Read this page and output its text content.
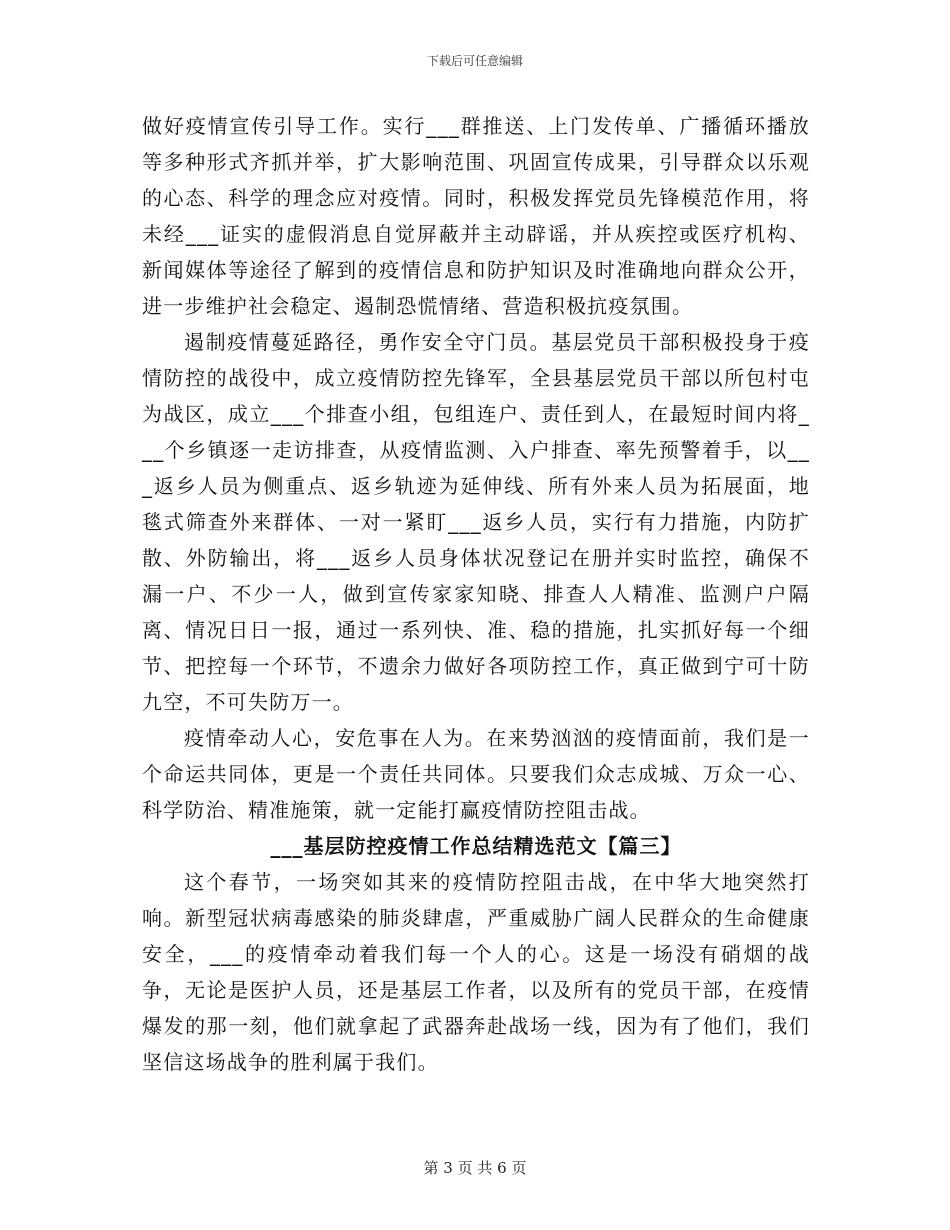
下载后可任意编辑

做好疫情宣传引导工作。实行___群推送、上门发传单、广播循环播放等多种形式齐抓并举，扩大影响范围、巩固宣传成果，引导群众以乐观的心态、科学的理念应对疫情。同时，积极发挥党员先锋模范作用，将未经___证实的虚假消息自觉屏蔽并主动辟谣，并从疾控或医疗机构、新闻媒体等途径了解到的疫情信息和防护知识及时准确地向群众公开，进一步维护社会稳定、遏制恐慌情绪、营造积极抗疫氛围。

遏制疫情蔓延路径，勇作安全守门员。基层党员干部积极投身于疫情防控的战役中，成立疫情防控先锋军，全县基层党员干部以所包村屯为战区，成立___个排查小组，包组连户、责任到人，在最短时间内将___个乡镇逐一走访排查，从疫情监测、入户排查、率先预警着手，以___返乡人员为侧重点、返乡轨迹为延伸线、所有外来人员为拓展面，地毯式筛查外来群体、一对一紧盯___返乡人员，实行有力措施，内防扩散、外防输出，将___返乡人员身体状况登记在册并实时监控，确保不漏一户、不少一人，做到宣传家家知晓、排查人人精准、监测户户隔离、情况日日一报，通过一系列快、准、稳的措施，扎实抓好每一个细节、把控每一个环节，不遗余力做好各项防控工作，真正做到宁可十防九空，不可失防万一。

疫情牵动人心，安危事在人为。在来势汹汹的疫情面前，我们是一个命运共同体，更是一个责任共同体。只要我们众志成城、万众一心、科学防治、精准施策，就一定能打赢疫情防控阻击战。

___基层防控疫情工作总结精选范文【篇三】

这个春节，一场突如其来的疫情防控阻击战，在中华大地突然打响。新型冠状病毒感染的肺炎肆虐，严重威胁广阔人民群众的生命健康安全，___的疫情牵动着我们每一个人的心。这是一场没有硝烟的战争，无论是医护人员，还是基层工作者，以及所有的党员干部，在疫情爆发的那一刻，他们就拿起了武器奔赴战场一线，因为有了他们，我们坚信这场战争的胜利属于我们。

第 3 页 共 6 页
